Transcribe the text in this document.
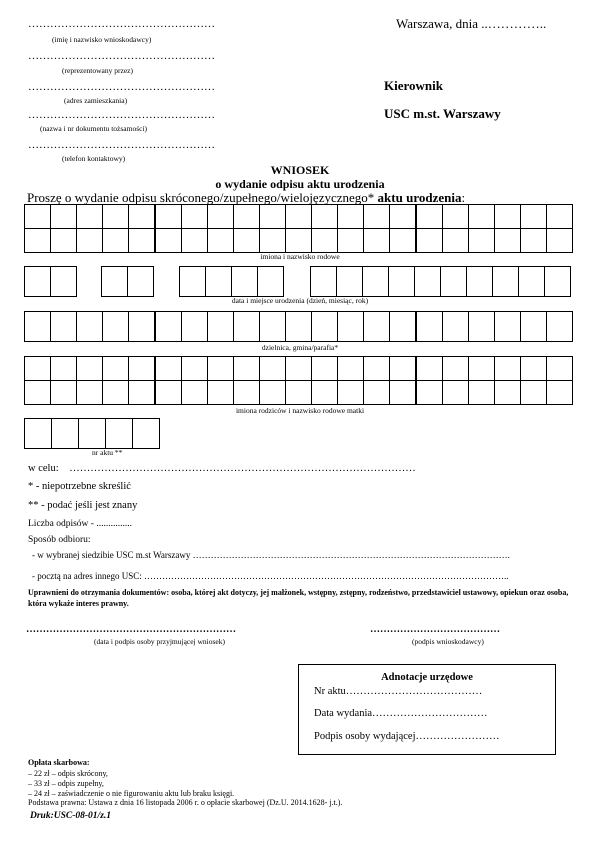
……………………………………………
(imię i nazwisko wnioskodawcy)
……………………………………………
(reprezentowany przez)
……………………………………………
(adres zamieszkania)
……………………………………………
(nazwa i nr dokumentu tożsamości)
……………………………………………
(telefon kontaktowy)
Warszawa, dnia ..…………..
Kierownik
USC m.st. Warszawy
WNIOSEK
o wydanie odpisu aktu urodzenia
Proszę o wydanie odpisu skróconego/zupełnego/wielojęzycznego* aktu urodzenia:
imiona i nazwisko rodowe
data i miejsce urodzenia (dzień, miesiąc, rok)
dzielnica, gmina/parafia*
imiona rodziców i nazwisko rodowe matki
nr aktu **
w celu: ………………………………………………………………………………………
* - niepotrzebne skreślić
** - podać jeśli jest znany
Liczba odpisów - ...............
Sposób odbioru:
- w wybranej siedzibie USC m.st Warszawy …………………………………………………………………………………………….
- pocztą na adres innego USC: …………………………………………………………………………………………………………..
Uprawnieni do otrzymania dokumentów: osoba, której akt dotyczy, jej małżonek, wstępny, zstępny, rodzeństwo, przedstawiciel ustawowy, opiekun oraz osoba, która wykaże interes prawny.
………………………………………………………
(data i podpis osoby przyjmującej wniosek)
…………………………………
(podpis wnioskodawcy)
Adnotacje urzędowe
Nr aktu…………………………………
Data wydania……………………………
Podpis osoby wydającej……………………
Opłata skarbowa:
– 22 zł – odpis skrócony,
– 33 zł – odpis zupełny,
– 24 zł – zaświadczenie o nie figurowaniu aktu lub braku księgi.
Podstawa prawna: Ustawa z dnia 16 listopada 2006 r. o opłacie skarbowej (Dz.U. 2014.1628- j.t.).
Druk:USC-08-01/z.1
